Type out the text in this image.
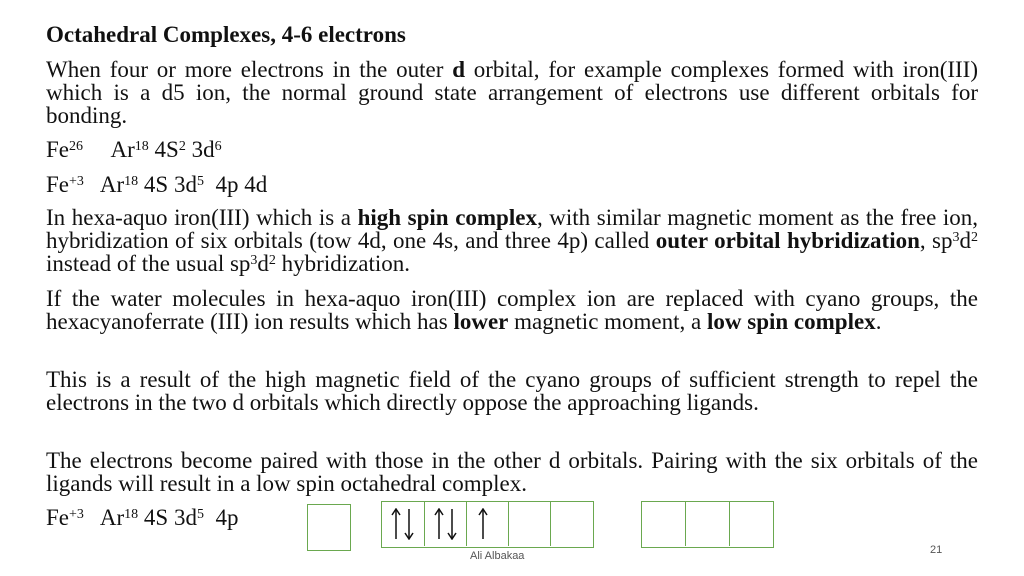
Octahedral Complexes, 4-6 electrons
When four or more electrons in the outer d orbital, for example complexes formed with iron(III) which is a d5 ion, the normal ground state arrangement of electrons use different orbitals for bonding.
Fe$^{26}$ Ar$^{18}$ $4S^2$ $3d^6$
$Fe^{+3}$ Ar$^{18}$ 4S $3d^5$ 4p 4d
In hexa-aquo iron(III) which is a high spin complex, with similar magnetic moment as the free ion, hybridization of six orbitals (tow 4d, one 4s, and three 4p) called outer orbital hybridization, $sp^3d^2$ instead of the usual $sp^3d^2$ hybridization.
If the water molecules in hexa-aquo iron(III) complex ion are replaced with cyano groups, the hexacyanoferrate (III) ion results which has lower magnetic moment, a low spin complex.
This is a result of the high magnetic field of the cyano groups of sufficient strength to repel the electrons in the two d orbitals which directly oppose the approaching ligands.
The electrons become paired with those in the other d orbitals. Pairing with the six orbitals of the ligands will result in a low spin octahedral complex.
$Fe^{+3}$ Ar$^{18}$ 4S $3d^5$ 4p
Ali Albakaa	21
